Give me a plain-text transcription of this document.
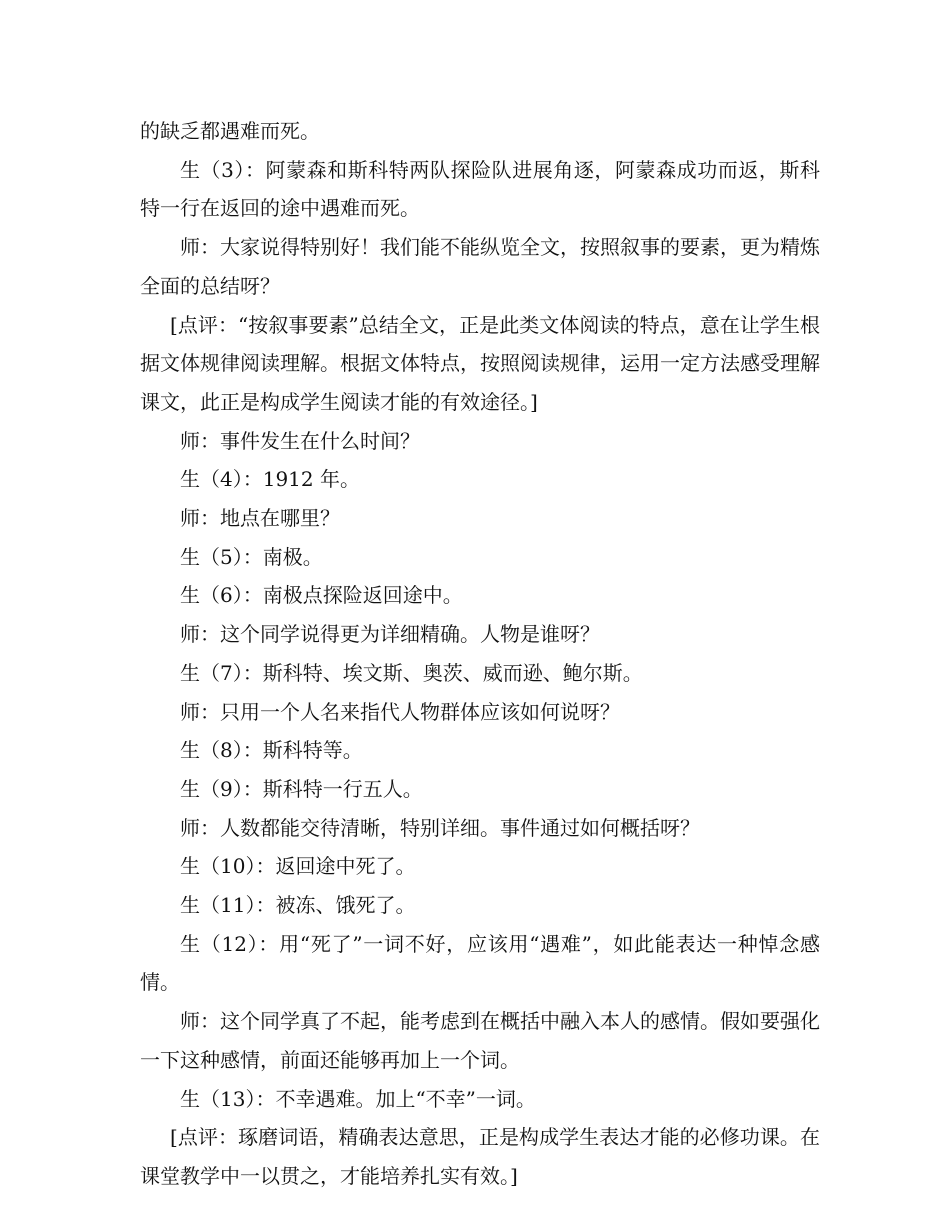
的缺乏都遇难而死。

生（3）：阿蒙森和斯科特两队探险队进展角逐，阿蒙森成功而返，斯科特一行在返回的途中遇难而死。

师：大家说得特别好！我们能不能纵览全文，按照叙事的要素，更为精炼全面的总结呀？

[点评：“按叙事要素”总结全文，正是此类文体阅读的特点，意在让学生根据文体规律阅读理解。根据文体特点，按照阅读规律，运用一定方法感受理解课文，此正是构成学生阅读才能的有效途径。]

师：事件发生在什么时间？

生（4）：1912 年。

师：地点在哪里？

生（5）：南极。

生（6）：南极点探险返回途中。

师：这个同学说得更为详细精确。人物是谁呀？

生（7）：斯科特、埃文斯、奥茨、威而逊、鲍尔斯。

师：只用一个人名来指代人物群体应该如何说呀？

生（8）：斯科特等。

生（9）：斯科特一行五人。

师：人数都能交待清晰，特别详细。事件通过如何概括呀？

生（10）：返回途中死了。

生（11）：被冻、饿死了。

生（12）：用“死了”一词不好，应该用“遇难”，如此能表达一种悼念感情。

师：这个同学真了不起，能考虑到在概括中融入本人的感情。假如要强化一下这种感情，前面还能够再加上一个词。

生（13）：不幸遇难。加上“不幸”一词。

[点评：琢磨词语，精确表达意思，正是构成学生表达才能的必修功课。在课堂教学中一以贯之，才能培养扎实有效。]
